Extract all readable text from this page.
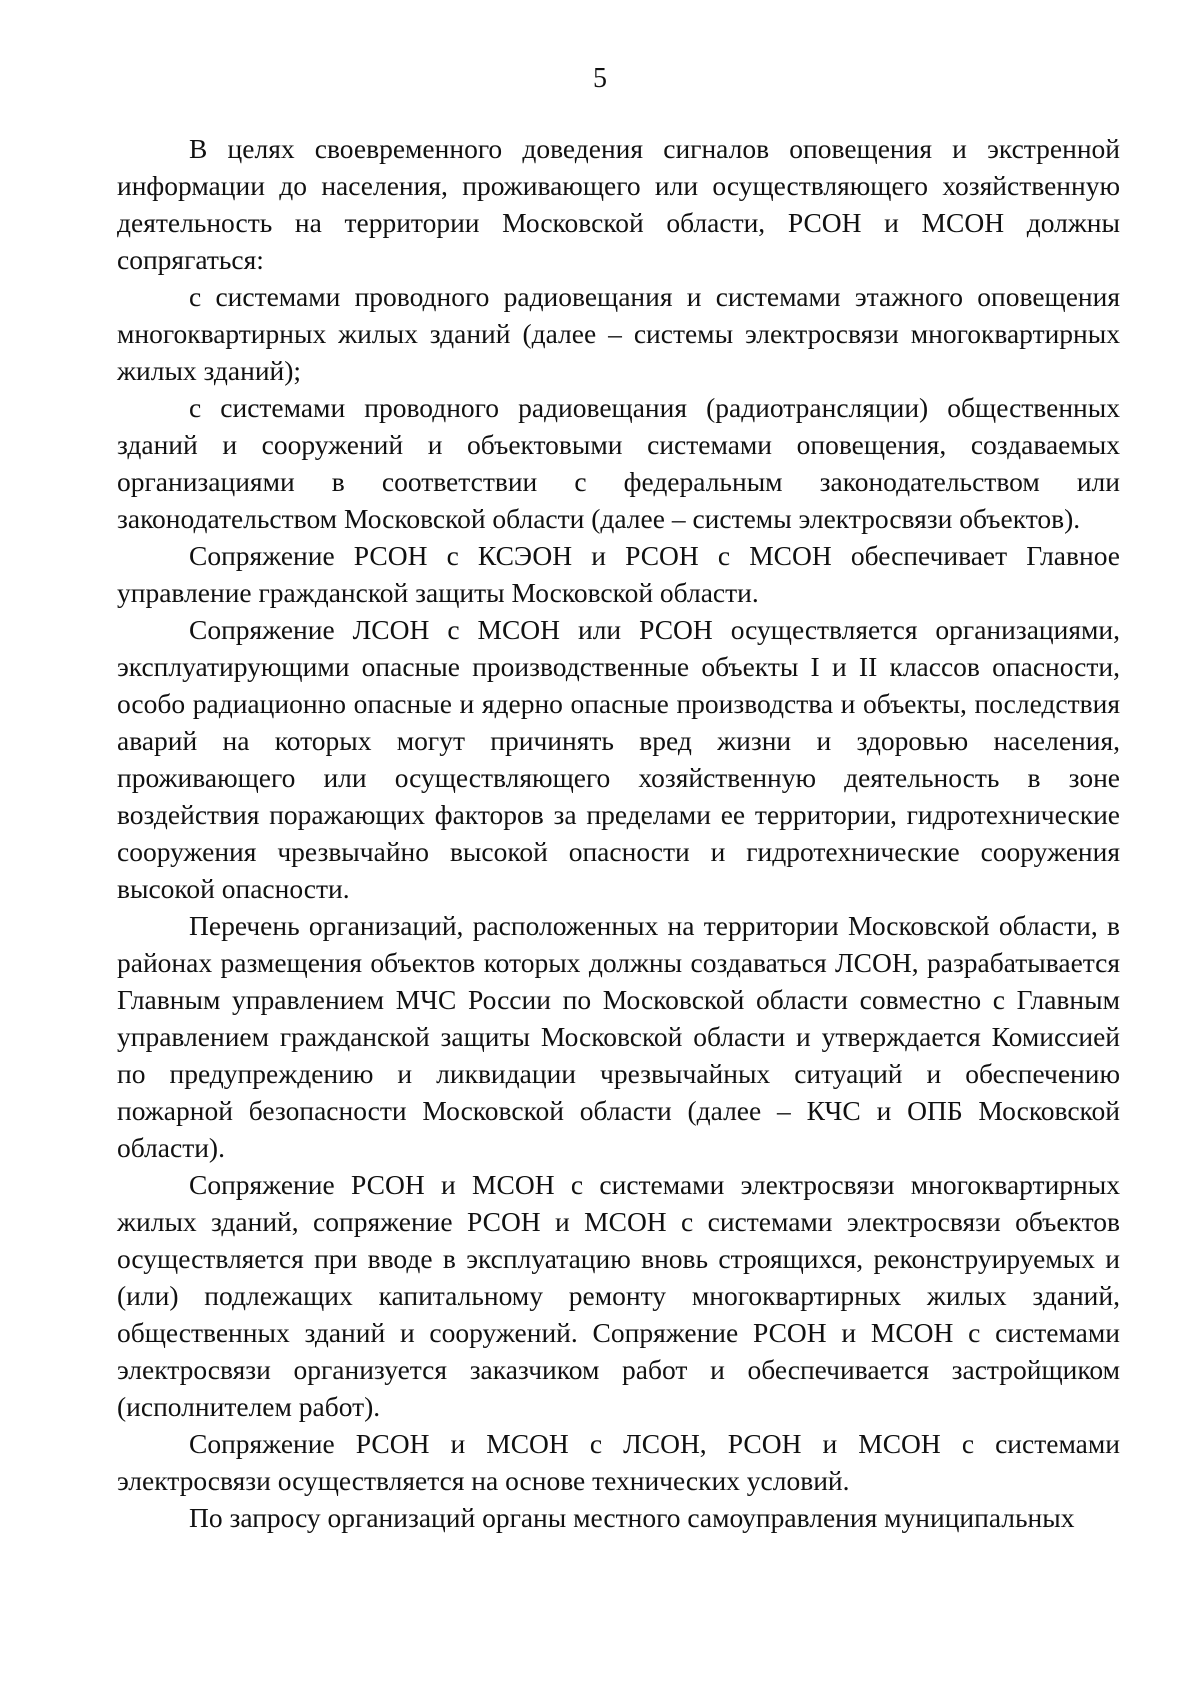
5

В целях своевременного доведения сигналов оповещения и экстренной информации до населения, проживающего или осуществляющего хозяйственную деятельность на территории Московской области, РСОН и МСОН должны сопрягаться:

с системами проводного радиовещания и системами этажного оповещения многоквартирных жилых зданий (далее – системы электросвязи многоквартирных жилых зданий);

с системами проводного радиовещания (радиотрансляции) общественных зданий и сооружений и объектовыми системами оповещения, создаваемых организациями в соответствии с федеральным законодательством или законодательством Московской области (далее – системы электросвязи объектов).

Сопряжение РСОН с КСЭОН и РСОН с МСОН обеспечивает Главное управление гражданской защиты Московской области.

Сопряжение ЛСОН с МСОН или РСОН осуществляется организациями, эксплуатирующими опасные производственные объекты I и II классов опасности, особо радиационно опасные и ядерно опасные производства и объекты, последствия аварий на которых могут причинять вред жизни и здоровью населения, проживающего или осуществляющего хозяйственную деятельность в зоне воздействия поражающих факторов за пределами ее территории, гидротехнические сооружения чрезвычайно высокой опасности и гидротехнические сооружения высокой опасности.

Перечень организаций, расположенных на территории Московской области, в районах размещения объектов которых должны создаваться ЛСОН, разрабатывается Главным управлением МЧС России по Московской области совместно с Главным управлением гражданской защиты Московской области и утверждается Комиссией по предупреждению и ликвидации чрезвычайных ситуаций и обеспечению пожарной безопасности Московской области (далее – КЧС и ОПБ Московской области).

Сопряжение РСОН и МСОН с системами электросвязи многоквартирных жилых зданий, сопряжение РСОН и МСОН с системами электросвязи объектов осуществляется при вводе в эксплуатацию вновь строящихся, реконструируемых и (или) подлежащих капитальному ремонту многоквартирных жилых зданий, общественных зданий и сооружений. Сопряжение РСОН и МСОН с системами электросвязи организуется заказчиком работ и обеспечивается застройщиком (исполнителем работ).

Сопряжение РСОН и МСОН с ЛСОН, РСОН и МСОН с системами электросвязи осуществляется на основе технических условий.

По запросу организаций органы местного самоуправления муниципальных
